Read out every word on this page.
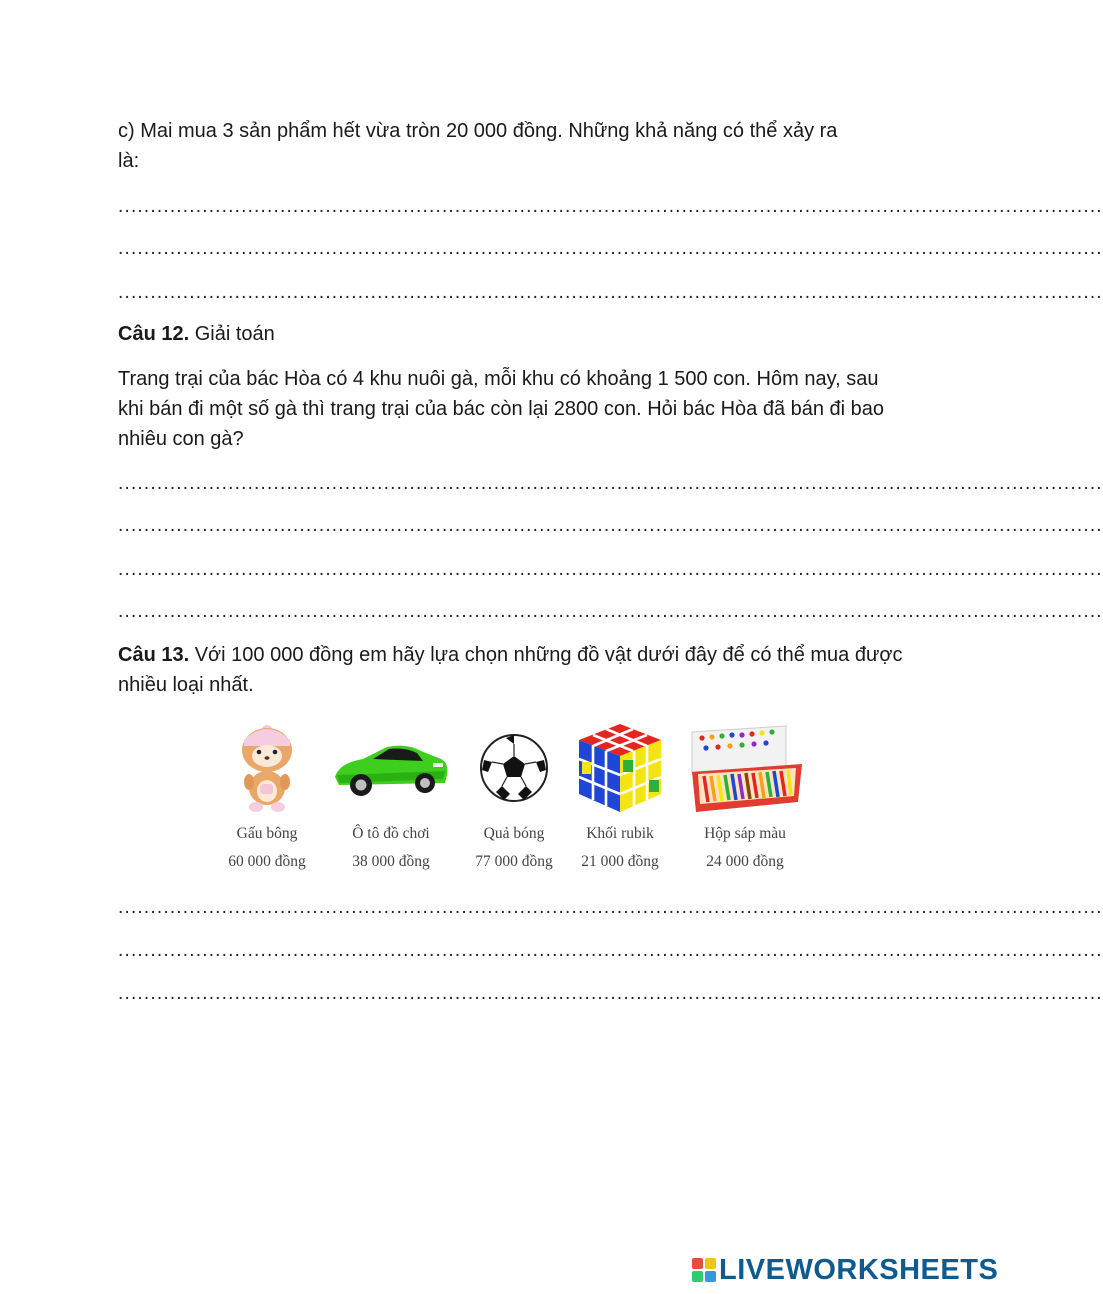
c) Mai mua 3 sản phẩm hết vừa tròn 20 000 đồng. Những khả năng có thể xảy ra
là:

........................................................................................................................................................
........................................................................................................................................................
........................................................................................................................................................

Câu 12. Giải toán

Trang trại của bác Hòa có 4 khu nuôi gà, mỗi khu có khoảng 1 500 con. Hôm nay, sau khi bán đi một số gà thì trang trại của bác còn lại 2800 con. Hỏi bác Hòa đã bán đi bao nhiêu con gà?

........................................................................................................................................................
........................................................................................................................................................
........................................................................................................................................................
........................................................................................................................................................

Câu 13. Với 100 000 đồng em hãy lựa chọn những đồ vật dưới đây để có thể mua được nhiều loại nhất.

Gấu bông
60 000 đồng
Ô tô đồ chơi
38 000 đồng
Quả bóng
77 000 đồng
Khối rubik
21 000 đồng
Hộp sáp màu
24 000 đồng
........................................................................................................................................................
........................................................................................................................................................
........................................................................................................................................................
LIVEWORKSHEETS
